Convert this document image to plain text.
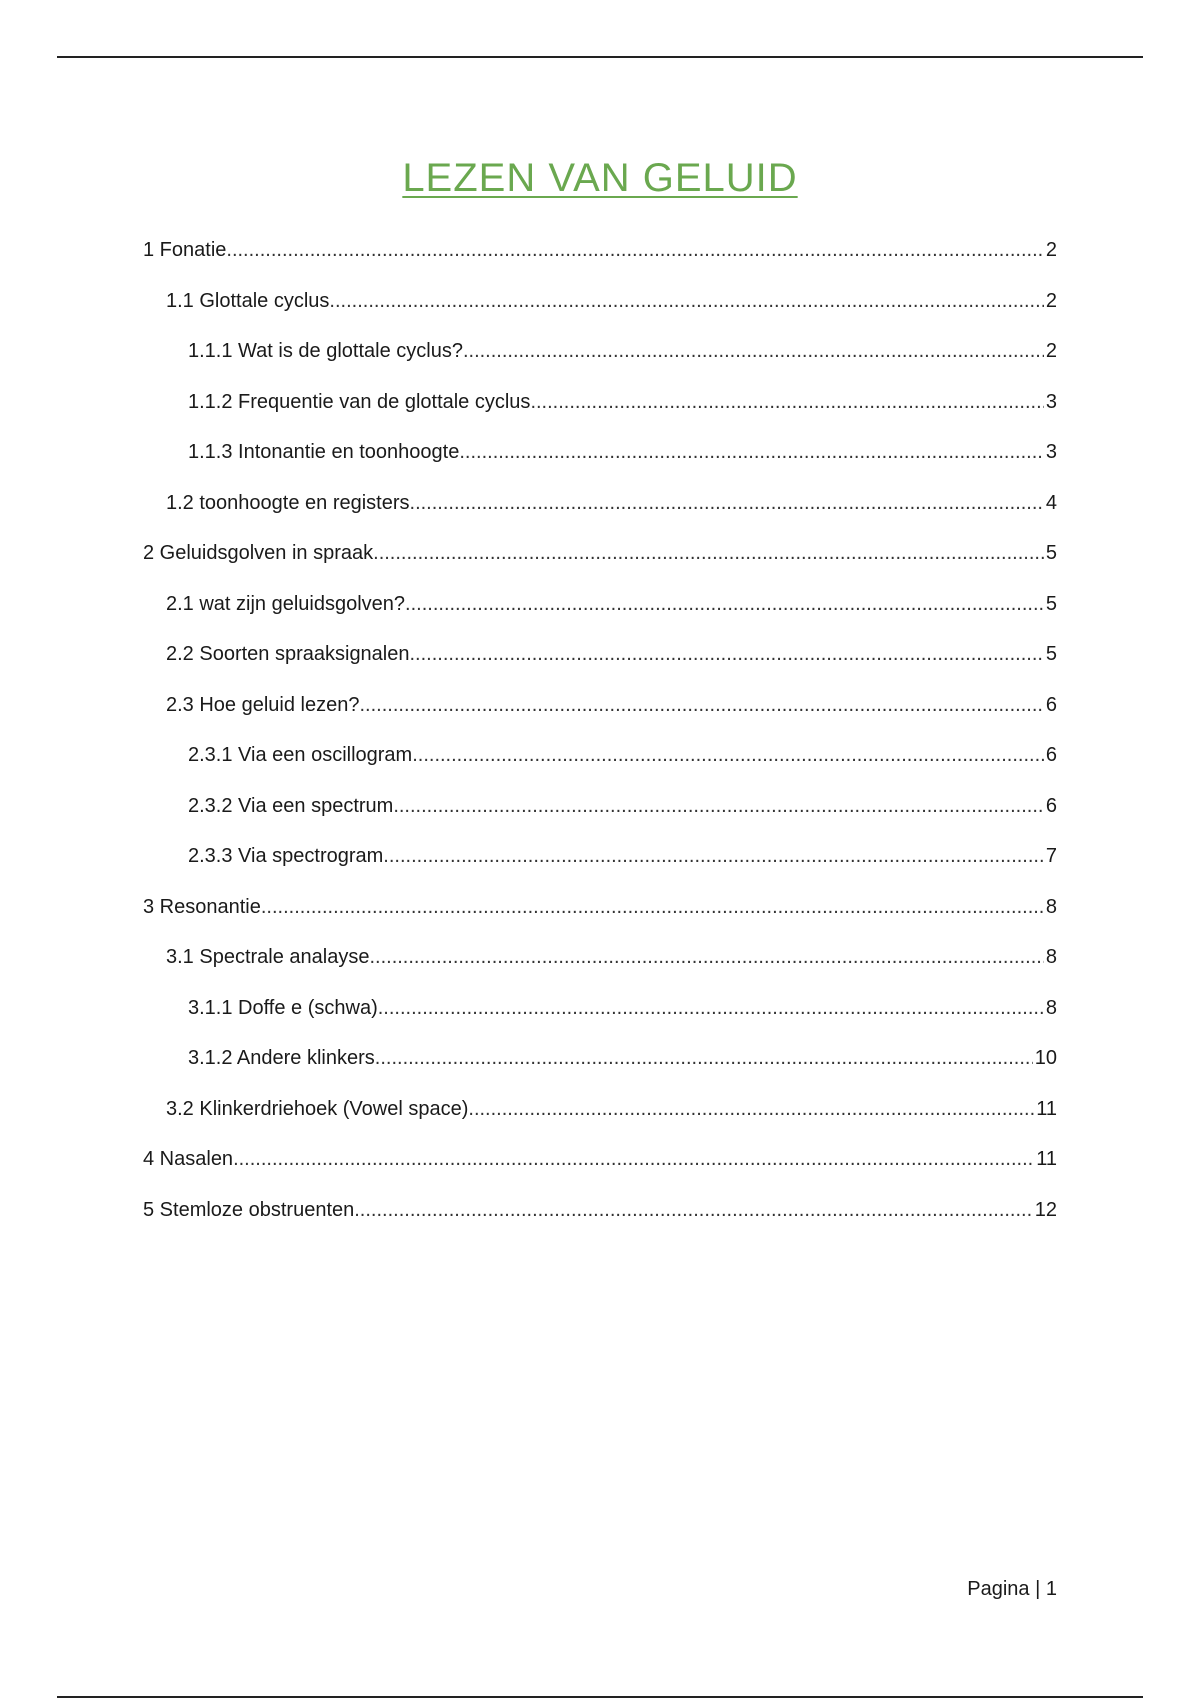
LEZEN VAN GELUID
1 Fonatie .....	2
1.1 Glottale cyclus .....	2
1.1.1 Wat is de glottale cyclus? .....	2
1.1.2 Frequentie van de glottale cyclus .....	3
1.1.3 Intonantie en toonhoogte .....	3
1.2 toonhoogte en registers .....	4
2 Geluidsgolven in spraak .....	5
2.1 wat zijn geluidsgolven? .....	5
2.2 Soorten spraaksignalen .....	5
2.3 Hoe geluid lezen? .....	6
2.3.1 Via een oscillogram .....	6
2.3.2 Via een spectrum .....	6
2.3.3 Via spectrogram .....	7
3 Resonantie .....	8
3.1 Spectrale analayse .....	8
3.1.1 Doffe e (schwa) .....	8
3.1.2 Andere klinkers .....	10
3.2 Klinkerdriehoek (Vowel space) .....	11
4 Nasalen .....	11
5 Stemloze obstruenten .....	12
Pagina | 1
